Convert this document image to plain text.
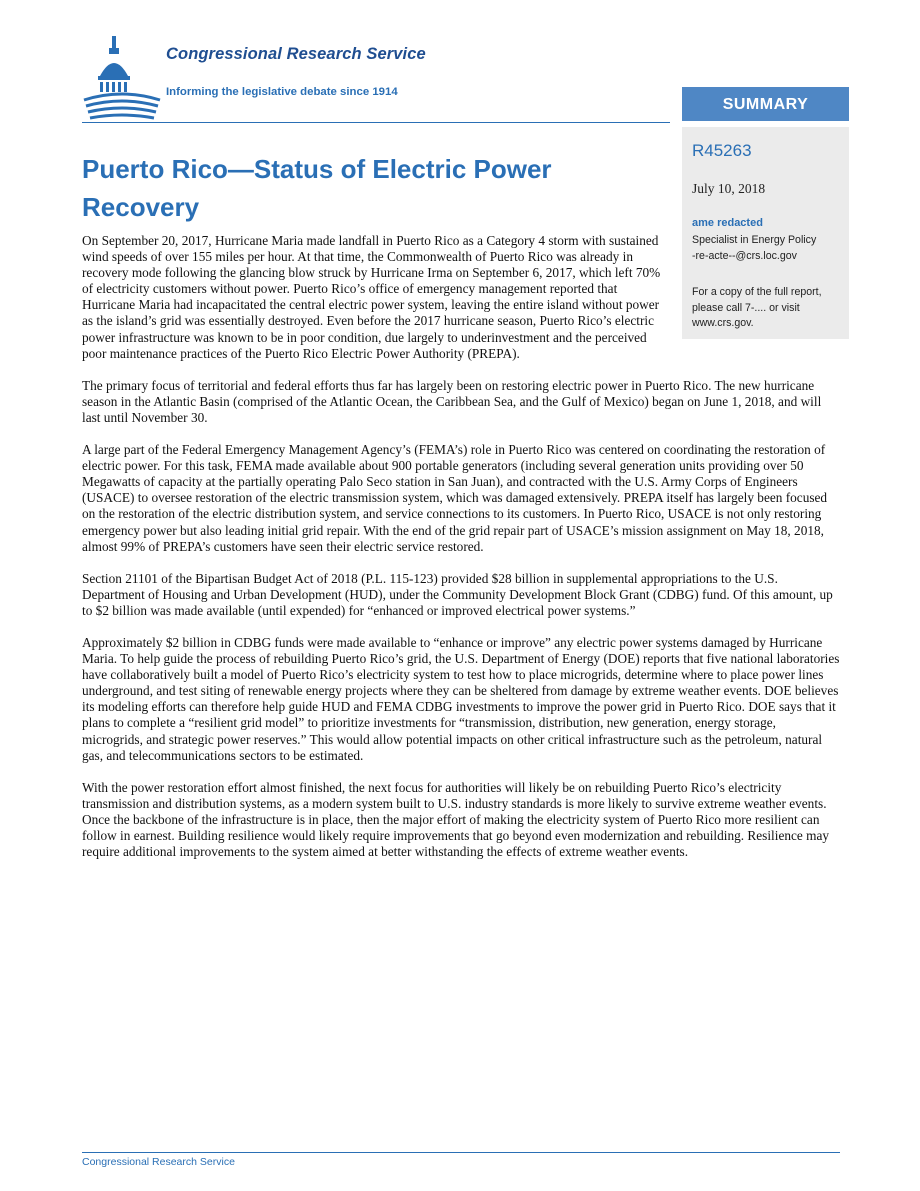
Congressional Research Service
Informing the legislative debate since 1914
SUMMARY
R45263
July 10, 2018
ame redacted
Specialist in Energy Policy
-re-acte--@crs.loc.gov
For a copy of the full report, please call 7-.... or visit www.crs.gov.
Puerto Rico—Status of Electric Power Recovery

On September 20, 2017, Hurricane Maria made landfall in Puerto Rico as a Category 4 storm with sustained wind speeds of over 155 miles per hour. At that time, the Commonwealth of Puerto Rico was already in recovery mode following the glancing blow struck by Hurricane Irma on September 6, 2017, which left 70% of electricity customers without power. Puerto Rico’s office of emergency management reported that Hurricane Maria had incapacitated the central electric power system, leaving the entire island without power as the island’s grid was essentially destroyed. Even before the 2017 hurricane season, Puerto Rico’s electric power infrastructure was known to be in poor condition, due largely to underinvestment and the perceived poor maintenance practices of the Puerto Rico Electric Power Authority (PREPA).

The primary focus of territorial and federal efforts thus far has largely been on restoring electric power in Puerto Rico. The new hurricane season in the Atlantic Basin (comprised of the Atlantic Ocean, the Caribbean Sea, and the Gulf of Mexico) began on June 1, 2018, and will last until November 30.

A large part of the Federal Emergency Management Agency’s (FEMA’s) role in Puerto Rico was centered on coordinating the restoration of electric power. For this task, FEMA made available about 900 portable generators (including several generation units providing over 50 Megawatts of capacity at the partially operating Palo Seco station in San Juan), and contracted with the U.S. Army Corps of Engineers (USACE) to oversee restoration of the electric transmission system, which was damaged extensively. PREPA itself has largely been focused on the restoration of the electric distribution system, and service connections to its customers. In Puerto Rico, USACE is not only restoring emergency power but also leading initial grid repair. With the end of the grid repair part of USACE’s mission assignment on May 18, 2018, almost 99% of PREPA’s customers have seen their electric service restored.

Section 21101 of the Bipartisan Budget Act of 2018 (P.L. 115-123) provided $28 billion in supplemental appropriations to the U.S. Department of Housing and Urban Development (HUD), under the Community Development Block Grant (CDBG) fund. Of this amount, up to $2 billion was made available (until expended) for “enhanced or improved electrical power systems.”

Approximately $2 billion in CDBG funds were made available to “enhance or improve” any electric power systems damaged by Hurricane Maria. To help guide the process of rebuilding Puerto Rico’s grid, the U.S. Department of Energy (DOE) reports that five national laboratories have collaboratively built a model of Puerto Rico’s electricity system to test how to place microgrids, determine where to place power lines underground, and test siting of renewable energy projects where they can be sheltered from damage by extreme weather events. DOE believes its modeling efforts can therefore help guide HUD and FEMA CDBG investments to improve the power grid in Puerto Rico. DOE says that it plans to complete a “resilient grid model” to prioritize investments for “transmission, distribution, new generation, energy storage, microgrids, and strategic power reserves.” This would allow potential impacts on other critical infrastructure such as the petroleum, natural gas, and telecommunications sectors to be estimated.

With the power restoration effort almost finished, the next focus for authorities will likely be on rebuilding Puerto Rico’s electricity transmission and distribution systems, as a modern system built to U.S. industry standards is more likely to survive extreme weather events. Once the backbone of the infrastructure is in place, then the major effort of making the electricity system of Puerto Rico more resilient can follow in earnest. Building resilience would likely require improvements that go beyond even modernization and rebuilding. Resilience may require additional improvements to the system aimed at better withstanding the effects of extreme weather events.

Congressional Research Service
